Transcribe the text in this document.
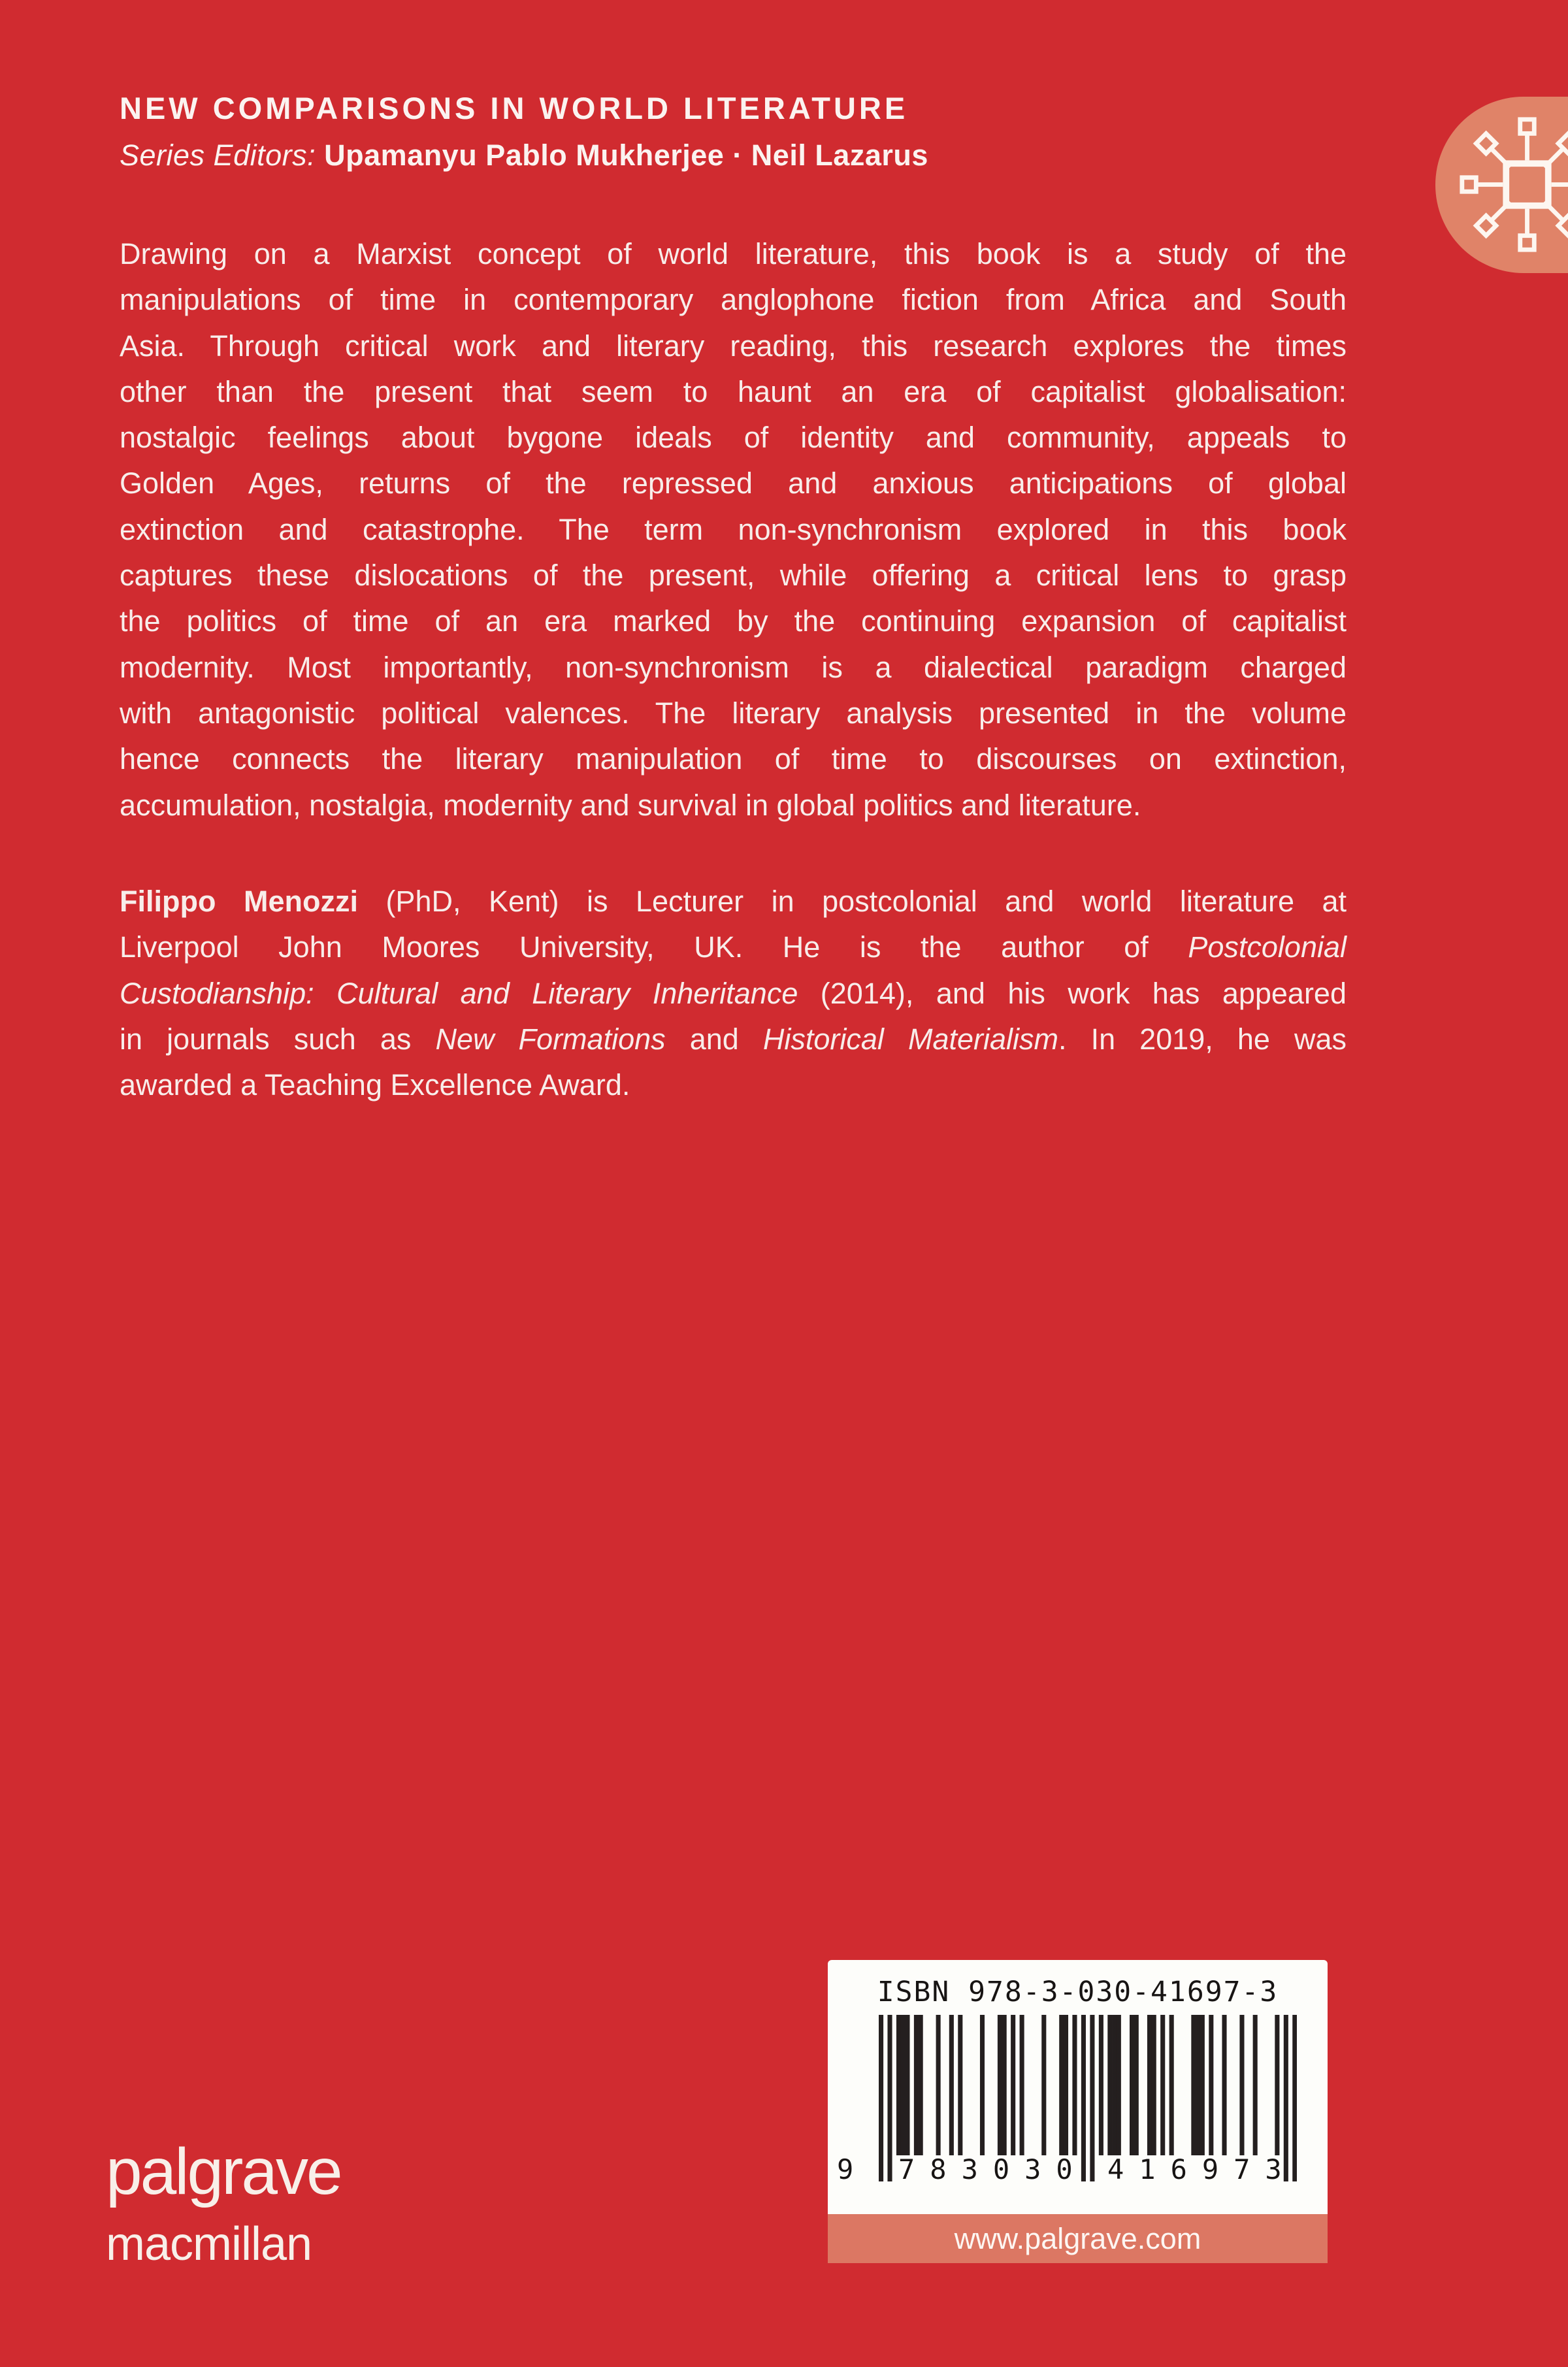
NEW COMPARISONS IN WORLD LITERATURE
Series Editors: Upamanyu Pablo Mukherjee · Neil Lazarus
Drawing on a Marxist concept of world literature, this book is a study of the
manipulations of time in contemporary anglophone fiction from Africa and South
Asia. Through critical work and literary reading, this research explores the times
other than the present that seem to haunt an era of capitalist globalisation:
nostalgic feelings about bygone ideals of identity and community, appeals to
Golden Ages, returns of the repressed and anxious anticipations of global
extinction and catastrophe. The term non-synchronism explored in this book
captures these dislocations of the present, while offering a critical lens to grasp
the politics of time of an era marked by the continuing expansion of capitalist
modernity. Most importantly, non-synchronism is a dialectical paradigm charged
with antagonistic political valences. The literary analysis presented in the volume
hence connects the literary manipulation of time to discourses on extinction,
accumulation, nostalgia, modernity and survival in global politics and literature.
Filippo Menozzi (PhD, Kent) is Lecturer in postcolonial and world literature at
Liverpool John Moores University, UK. He is the author of Postcolonial
Custodianship: Cultural and Literary Inheritance (2014), and his work has appeared
in journals such as New Formations and Historical Materialism. In 2019, he was
awarded a Teaching Excellence Award.
ISBN 978-3-030-41697-3
9 783030 416973
www.palgrave.com
palgrave
macmillan
